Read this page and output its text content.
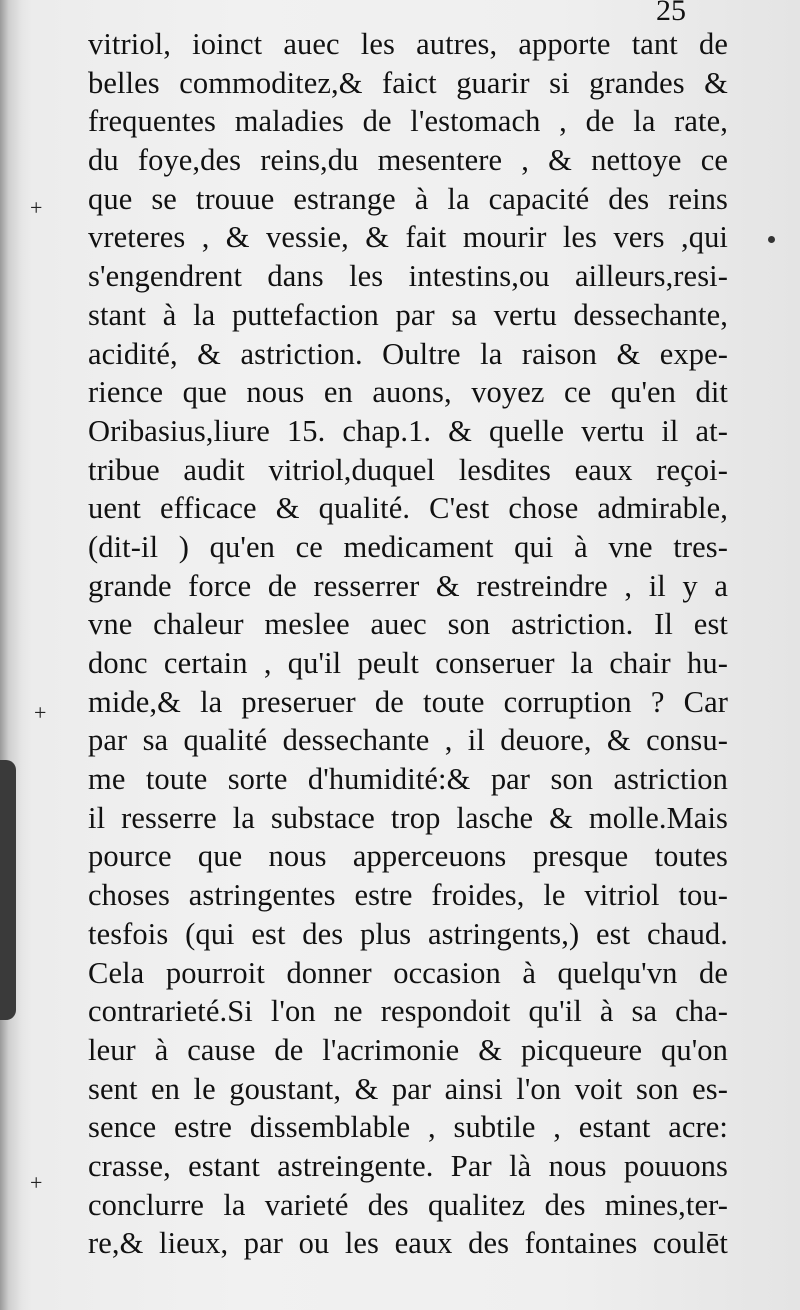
25
+
+
+
vitriol, ioinct auec les autres, apporte tant de
belles commoditez,& faict guarir si grandes &
frequentes maladies de l'estomach , de la rate,
du foye,des reins,du mesentere , & nettoye ce
que se trouue estrange à la capacité des reins
vreteres , & vessie, & fait mourir les vers ,qui
s'engendrent dans les intestins,ou ailleurs,resi-
stant à la puttefaction par sa vertu dessechante,
acidité, & astriction. Oultre la raison & expe-
rience que nous en auons, voyez ce qu'en dit
Oribasius,liure 15. chap.1. & quelle vertu il at-
tribue audit vitriol,duquel lesdites eaux reçoi-
uent efficace & qualité. C'est chose admirable,
(dit-il ) qu'en ce medicament qui à vne tres-
grande force de resserrer & restreindre , il y a
vne chaleur meslee auec son astriction. Il est
donc certain , qu'il peult conseruer la chair hu-
mide,& la preseruer de toute corruption ? Car
par sa qualité dessechante , il deuore, & consu-
me toute sorte d'humidité:& par son astriction
il resserre la substace trop lasche & molle.Mais
pource que nous apperceuons presque toutes
choses astringentes estre froides, le vitriol tou-
tesfois (qui est des plus astringents,) est chaud.
Cela pourroit donner occasion à quelqu'vn de
contrarieté.Si l'on ne respondoit qu'il à sa cha-
leur à cause de l'acrimonie & picqueure qu'on
sent en le goustant, & par ainsi l'on voit son es-
sence estre dissemblable , subtile , estant acre:
crasse, estant astreingente. Par là nous pouuons
conclurre la varieté des qualitez des mines,ter-
re,& lieux, par ou les eaux des fontaines coulēt
